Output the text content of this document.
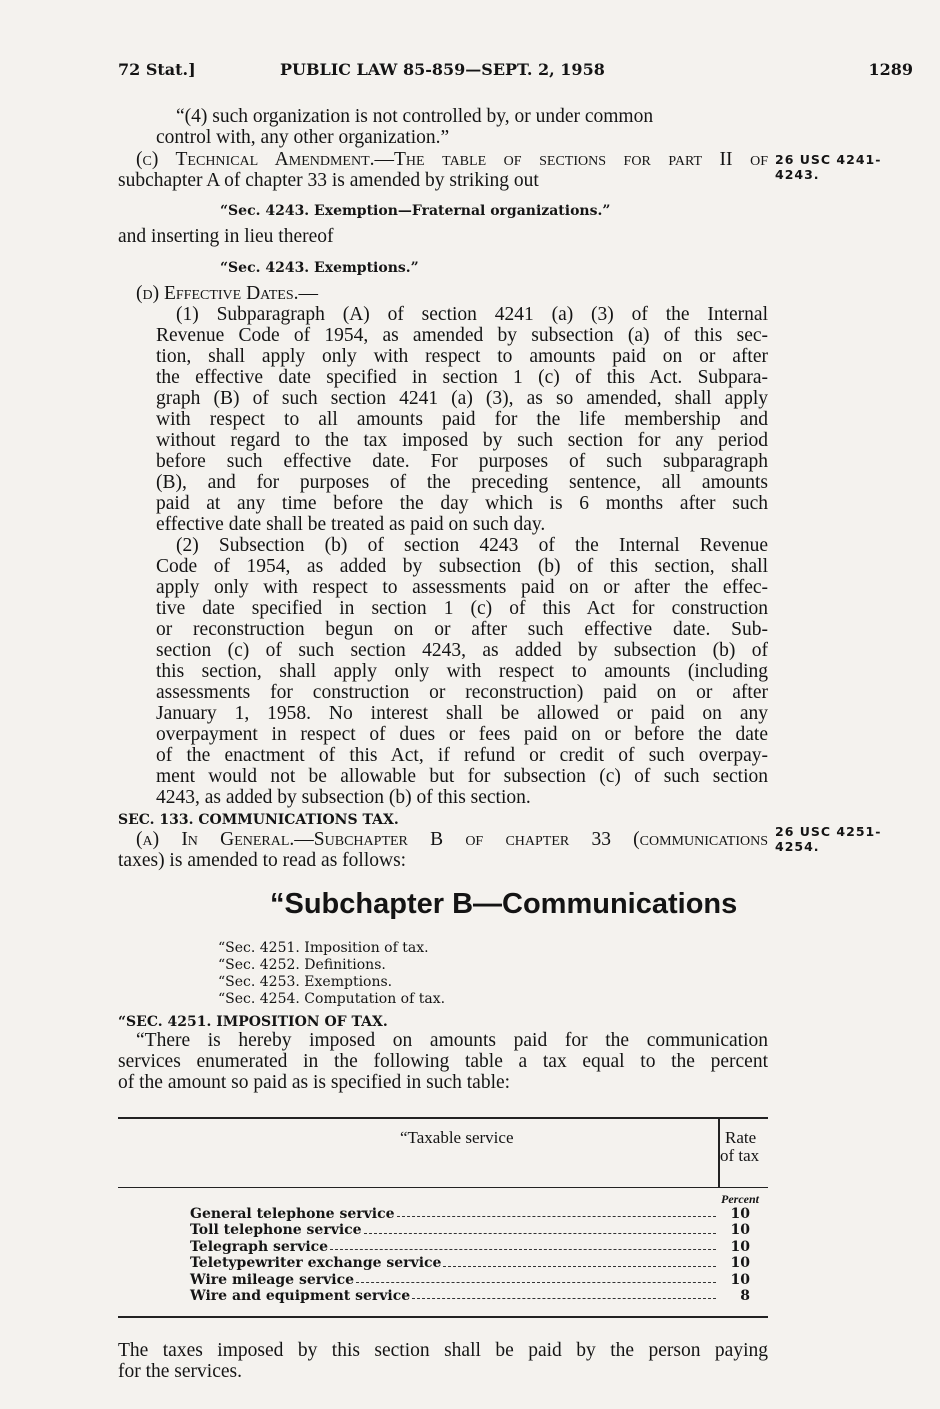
72 Stat.]	PUBLIC LAW 85-859—SEPT. 2, 1958	1289
26 USC 4241-
4243.
26 USC 4251-
4254.
“(4) such organization is not controlled by, or under common
control with, any other organization.”
(c) Technical Amendment.—The table of sections for part II of
subchapter A of chapter 33 is amended by striking out
“Sec. 4243. Exemption—Fraternal organizations.”
and inserting in lieu thereof
“Sec. 4243. Exemptions.”
(d) Effective Dates.—
(1) Subparagraph (A) of section 4241 (a) (3) of the Internal
Revenue Code of 1954, as amended by subsection (a) of this sec-
tion, shall apply only with respect to amounts paid on or after
the effective date specified in section 1 (c) of this Act. Subpara-
graph (B) of such section 4241 (a) (3), as so amended, shall apply
with respect to all amounts paid for the life membership and
without regard to the tax imposed by such section for any period
before such effective date. For purposes of such subparagraph
(B), and for purposes of the preceding sentence, all amounts
paid at any time before the day which is 6 months after such
effective date shall be treated as paid on such day.
(2) Subsection (b) of section 4243 of the Internal Revenue
Code of 1954, as added by subsection (b) of this section, shall
apply only with respect to assessments paid on or after the effec-
tive date specified in section 1 (c) of this Act for construction
or reconstruction begun on or after such effective date. Sub-
section (c) of such section 4243, as added by subsection (b) of
this section, shall apply only with respect to amounts (including
assessments for construction or reconstruction) paid on or after
January 1, 1958. No interest shall be allowed or paid on any
overpayment in respect of dues or fees paid on or before the date
of the enactment of this Act, if refund or credit of such overpay-
ment would not be allowable but for subsection (c) of such section
4243, as added by subsection (b) of this section.
SEC. 133. COMMUNICATIONS TAX.
(a) In General.—Subchapter B of chapter 33 (communications
taxes) is amended to read as follows:
“Subchapter B—Communications
“Sec. 4251. Imposition of tax.
“Sec. 4252. Definitions.
“Sec. 4253. Exemptions.
“Sec. 4254. Computation of tax.
“SEC. 4251. IMPOSITION OF TAX.
“There is hereby imposed on amounts paid for the communication
services enumerated in the following table a tax equal to the percent
of the amount so paid as is specified in such table:
“Taxable service	Rate
of tax
Percent
General telephone service	10
Toll telephone service	10
Telegraph service	10
Teletypewriter exchange service	10
Wire mileage service	10
Wire and equipment service	8
The taxes imposed by this section shall be paid by the person paying
for the services.
